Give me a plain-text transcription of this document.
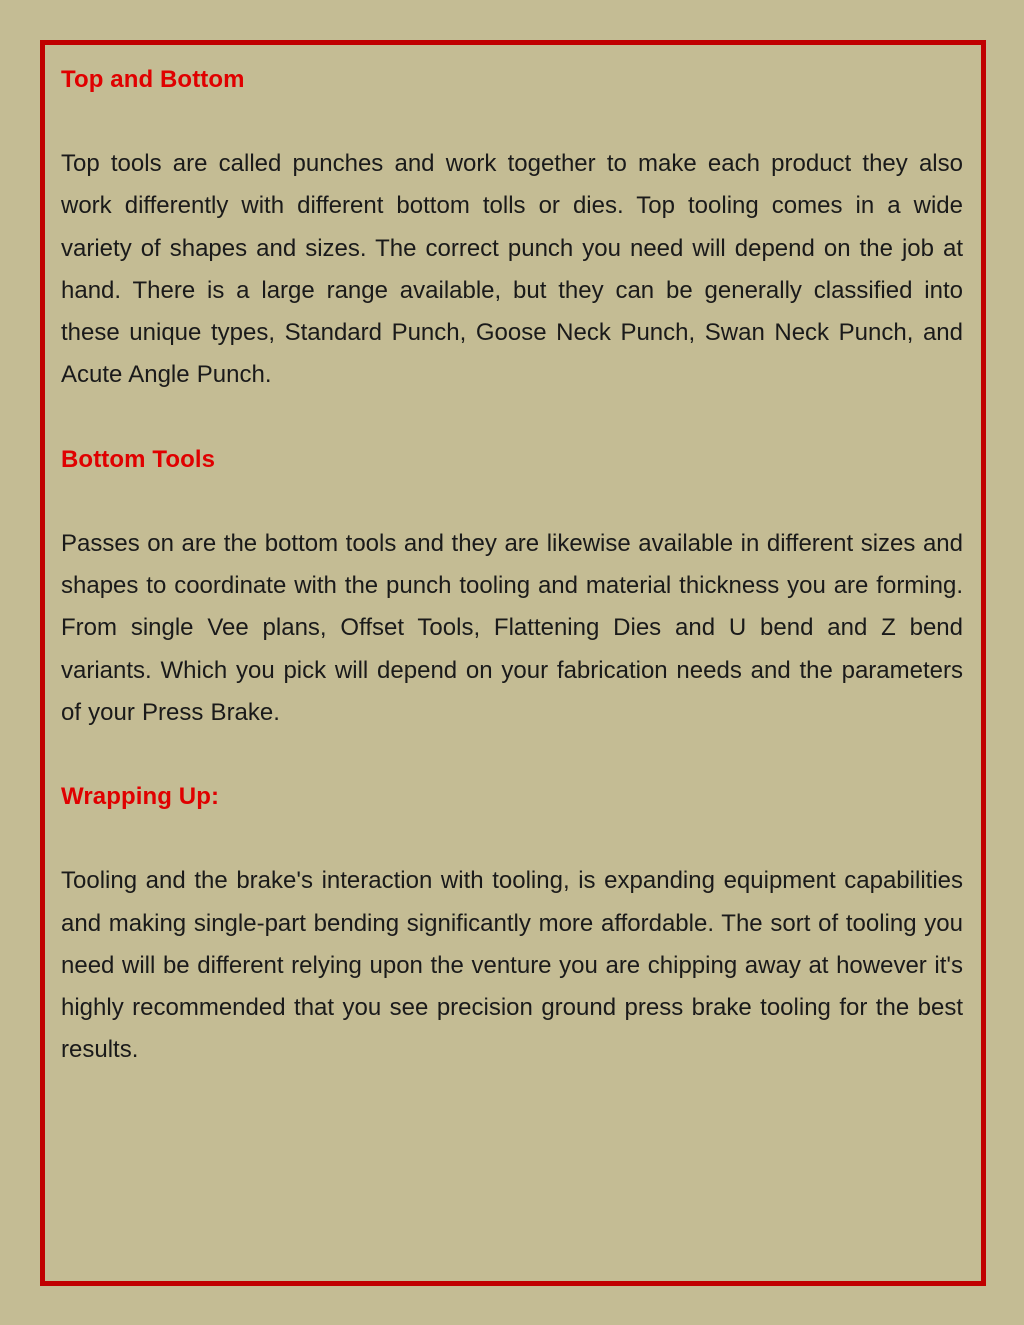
Top and Bottom

Top tools are called punches and work together to make each product they also work differently with different bottom tolls or dies. Top tooling comes in a wide variety of shapes and sizes. The correct punch you need will depend on the job at hand. There is a large range available, but they can be generally classified into these unique types, Standard Punch, Goose Neck Punch, Swan Neck Punch, and Acute Angle Punch.

Bottom Tools

Passes on are the bottom tools and they are likewise available in different sizes and shapes to coordinate with the punch tooling and material thickness you are forming. From single Vee plans, Offset Tools, Flattening Dies and U bend and Z bend variants. Which you pick will depend on your fabrication needs and the parameters of your Press Brake.

Wrapping Up:

Tooling and the brake's interaction with tooling, is expanding equipment capabilities and making single-part bending significantly more affordable. The sort of tooling you need will be different relying upon the venture you are chipping away at however it's highly recommended that you see precision ground press brake tooling for the best results.
